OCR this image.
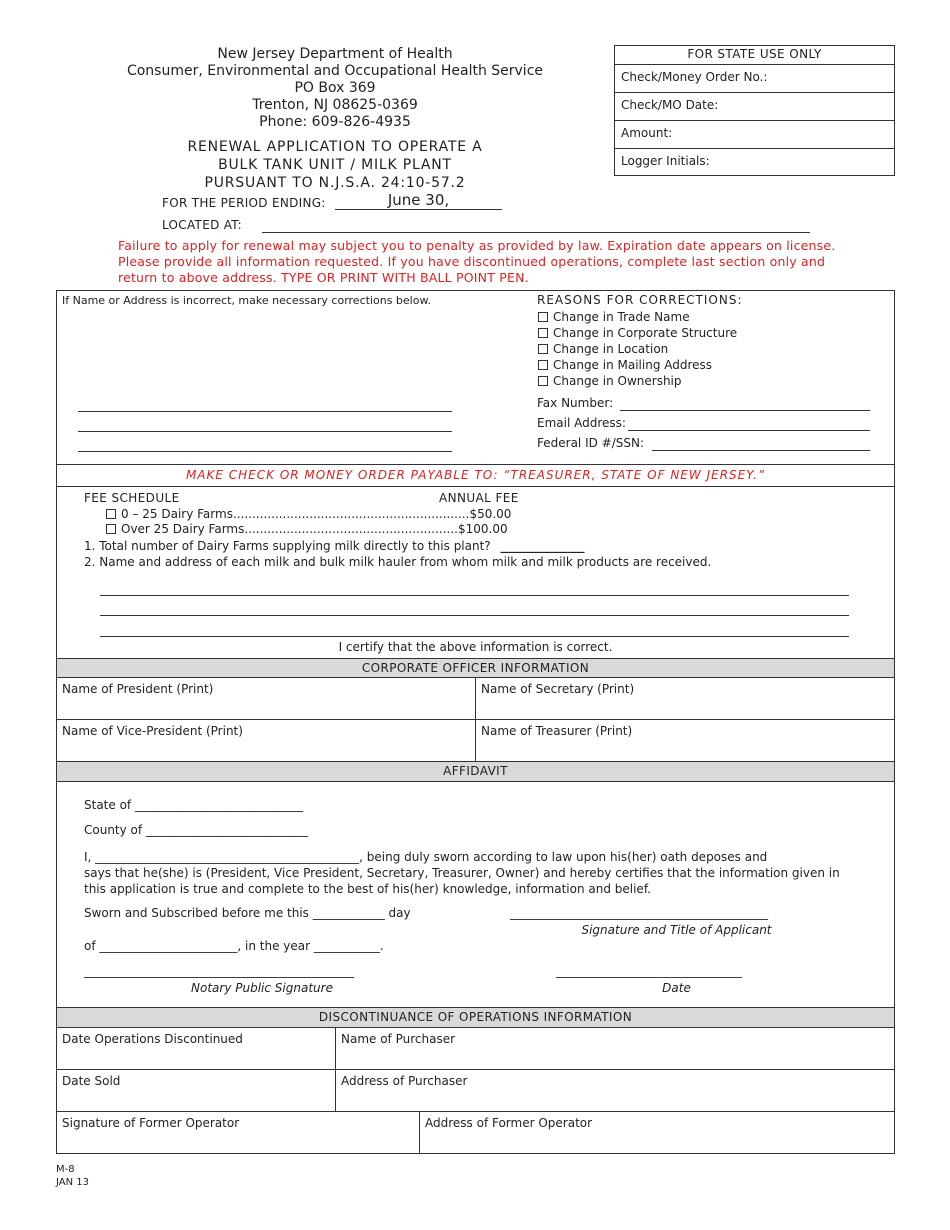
New Jersey Department of Health
Consumer, Environmental and Occupational Health Service
PO Box 369
Trenton, NJ 08625-0369
Phone: 609-826-4935
RENEWAL APPLICATION TO OPERATE A
BULK TANK UNIT / MILK PLANT
PURSUANT TO N.J.S.A. 24:10-57.2
FOR THE PERIOD ENDING:	June 30,
LOCATED AT:
FOR STATE USE ONLY
Check/Money Order No.:
Check/MO Date:
Amount:
Logger Initials:
Failure to apply for renewal may subject you to penalty as provided by law. Expiration date appears on license.
Please provide all information requested. If you have discontinued operations, complete last section only and
return to above address. TYPE OR PRINT WITH BALL POINT PEN.
If Name or Address is incorrect, make necessary corrections below.	REASONS FOR CORRECTIONS:
Change in Trade Name
Change in Corporate Structure
Change in Location
Change in Mailing Address
Change in Ownership
Fax Number:
Email Address:
Federal ID #/SSN:
MAKE CHECK OR MONEY ORDER PAYABLE TO: “TREASURER, STATE OF NEW JERSEY.”
FEE SCHEDULE	ANNUAL FEE
0 – 25 Dairy Farms..............................................................$50.00
Over 25 Dairy Farms........................................................$100.00
1. Total number of Dairy Farms supplying milk directly to this plant? ______________
2. Name and address of each milk and bulk milk hauler from whom milk and milk products are received.
I certify that the above information is correct.
CORPORATE OFFICER INFORMATION
Name of President (Print)	Name of Secretary (Print)
Name of Vice-President (Print)	Name of Treasurer (Print)
AFFIDAVIT
State of ____________________________
County of ___________________________
I, ____________________________________________, being duly sworn according to law upon his(her) oath deposes and
says that he(she) is (President, Vice President, Secretary, Treasurer, Owner) and hereby certifies that the information given in
this application is true and complete to the best of his(her) knowledge, information and belief.
Sworn and Subscribed before me this ____________ day	___________________________________________
Signature and Title of Applicant
of _______________________, in the year ___________.
_____________________________________________
Notary Public Signature
_______________________________
Date
DISCONTINUANCE OF OPERATIONS INFORMATION
Date Operations Discontinued	Name of Purchaser
Date Sold	Address of Purchaser
Signature of Former Operator	Address of Former Operator
M-8
JAN 13
